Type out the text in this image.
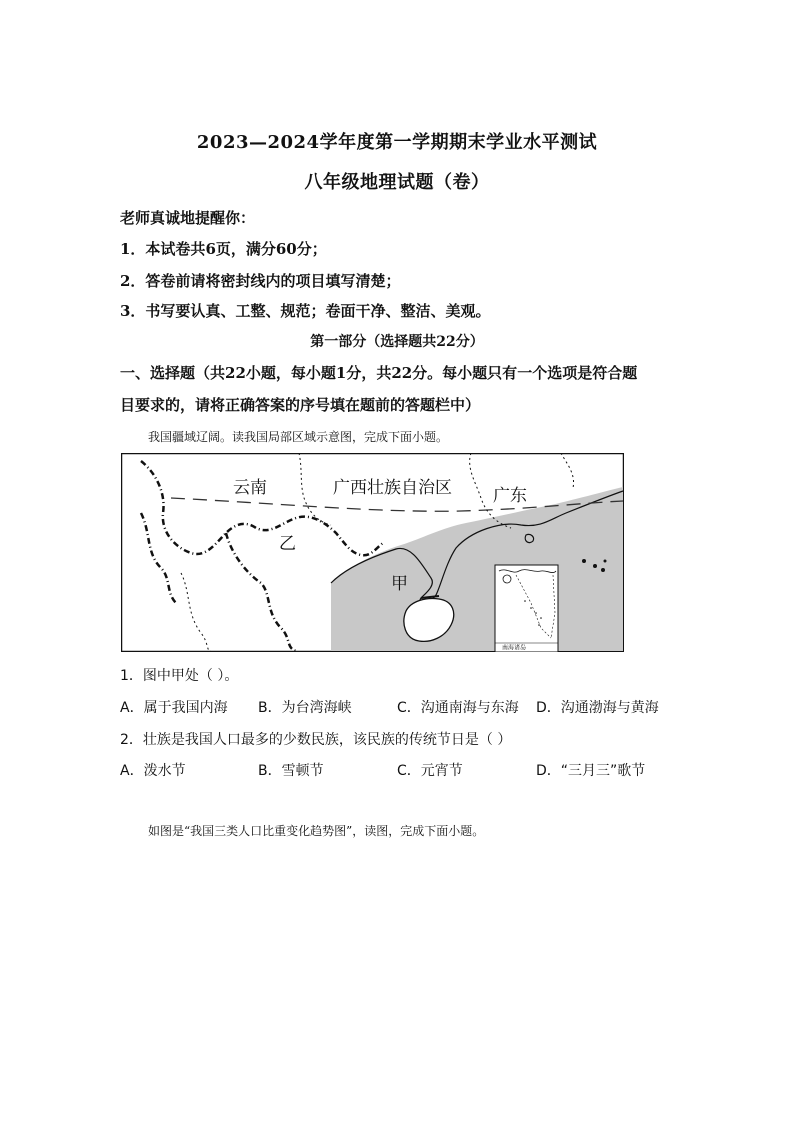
2023—2024学年度第一学期期末学业水平测试
八年级地理试题（卷）
老师真诚地提醒你：
1．本试卷共6页，满分60分；
2．答卷前请将密封线内的项目填写清楚；
3．书写要认真、工整、规范；卷面干净、整洁、美观。
第一部分（选择题共22分）
一、选择题（共22小题，每小题1分，共22分。每小题只有一个选项是符合题
目要求的，请将正确答案的序号填在题前的答题栏中）
我国疆域辽阔。读我国局部区域示意图，完成下面小题。
南海诸岛
云南	广西壮族自治区 广东
乙
甲
1．图中甲处（ ）。
A．属于我国内海 B．为台湾海峡	C．沟通南海与东海 D．沟通渤海与黄海
2．壮族是我国人口最多的少数民族，该民族的传统节日是（ ）
A．泼水节	B．雪顿节	C．元宵节	D．“三月三”歌节
如图是“我国三类人口比重变化趋势图”，读图，完成下面小题。
